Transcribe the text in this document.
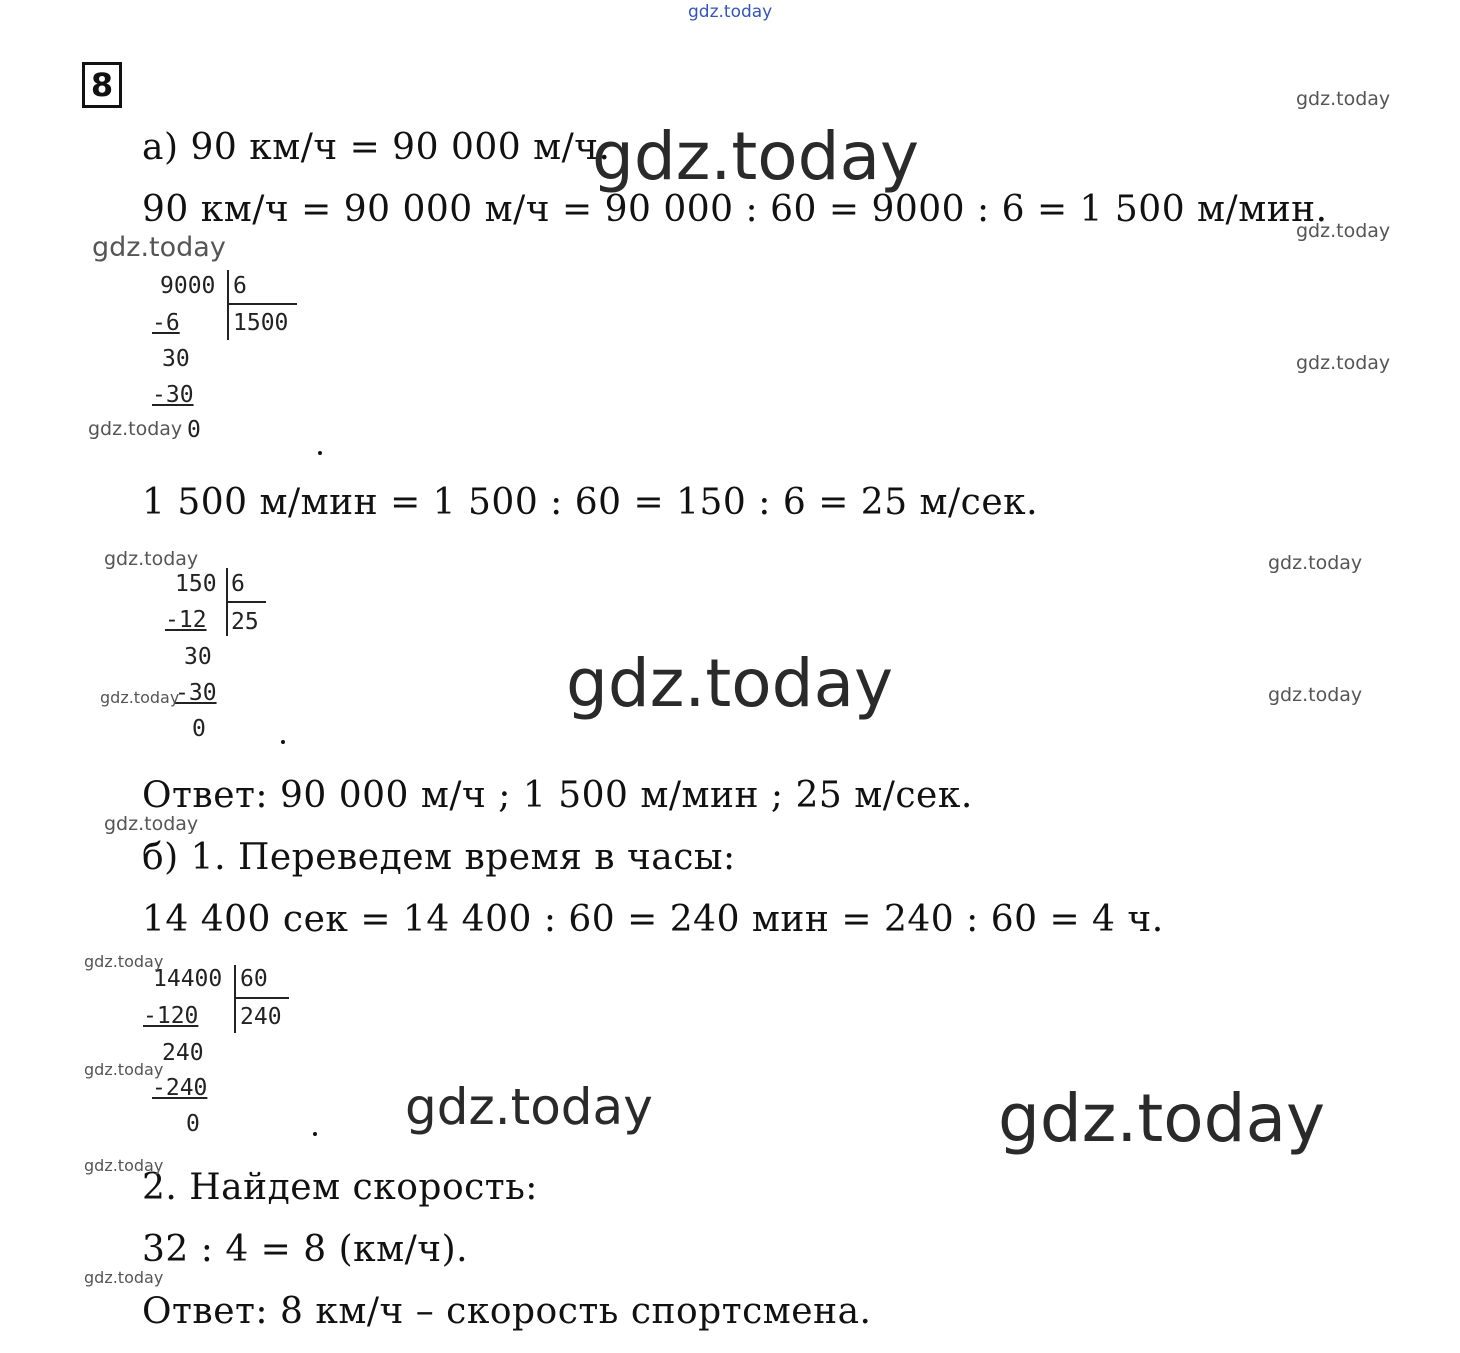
gdz.today
8
а) 90 км/ч = 90 000 м/ч.
90 км/ч = 90 000 м/ч = 90 000 : 60 = 9000 : 6 = 1 500 м/мин.
9000 6
1500
-6
30
-30
0
1 500 м/мин = 1 500 : 60 = 150 : 6 = 25 м/сек.
150 6
25
-12
30
-30
0
Ответ: 90 000 м/ч ; 1 500 м/мин ; 25 м/сек.
б) 1. Переведем время в часы:
14 400 сек = 14 400 : 60 = 240 мин = 240 : 60 = 4 ч.
14400 60
240
-120
240
-240
0
2. Найдем скорость:
32 : 4 = 8 (км/ч).
Ответ: 8 км/ч – скорость спортсмена.
gdz.today
gdz.today
gdz.today
gdz.today
gdz.today
gdz.today
gdz.today
gdz.today
gdz.today
gdz.today
gdz.today
gdz.today
gdz.today
gdz.today
gdz.today
gdz.today
gdz.today	gdz.today
